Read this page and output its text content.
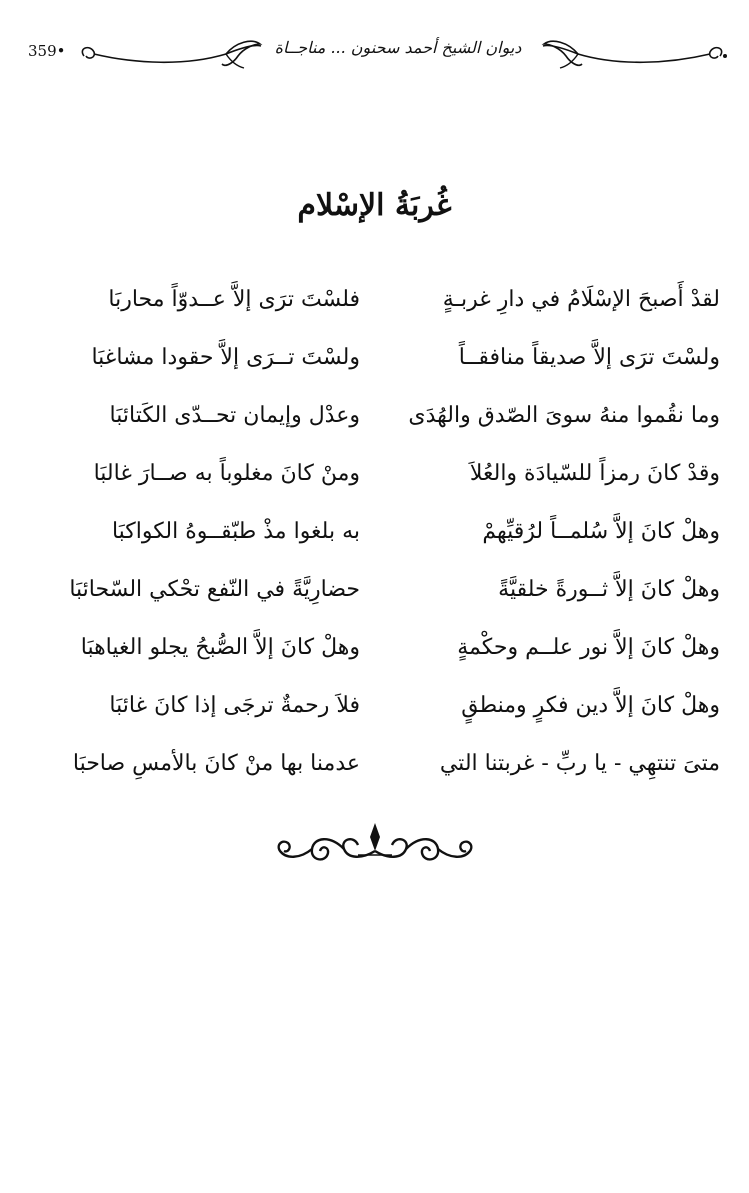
359•	ديوان الشيخ أحمد سحنون ... مناجــاة
غُربَةُ الإسْلام
لقدْ أَصبحَ الإسْلَامُ في دارِ غربـةٍ
فلسْتَ ترَى إلاَّ عــدوّاً محاربَا
ولسْتَ ترَى إلاَّ صديقاً منافقــاً
ولسْتَ تــرَى إلاَّ حقودا مشاغبَا
وما نقُموا منهُ سوىَ الصّدق والهُدَى
وعدْل وإيمان تحــدّى الكَتائبَا
وقدْ كانَ رمزاً للسّيادَة والعُلاَ
ومنْ كانَ مغلوباً به صــارَ غالبَا
وهلْ كانَ إلاَّ سُلمــاً لرُقيِّهمْ
به بلغوا مذْ طبّقــوهُ الكواكبَا
وهلْ كانَ إلاَّ ثــورةً خلقيَّةً
حضارِيَّةً في النّفع تحْكي السّحائبَا
وهلْ كانَ إلاَّ نور علــم وحكْمةٍ
وهلْ كانَ إلاَّ الصُّبحُ يجلو الغياهبَا
وهلْ كانَ إلاَّ دين فكرٍ ومنطقٍ
فلاَ رحمةٌ ترجَى إذا كانَ غائبَا
متىَ تنتهِي - يا ربِّ - غربتنا التي
عدمنا بها منْ كانَ بالأمسِ صاحبَا
